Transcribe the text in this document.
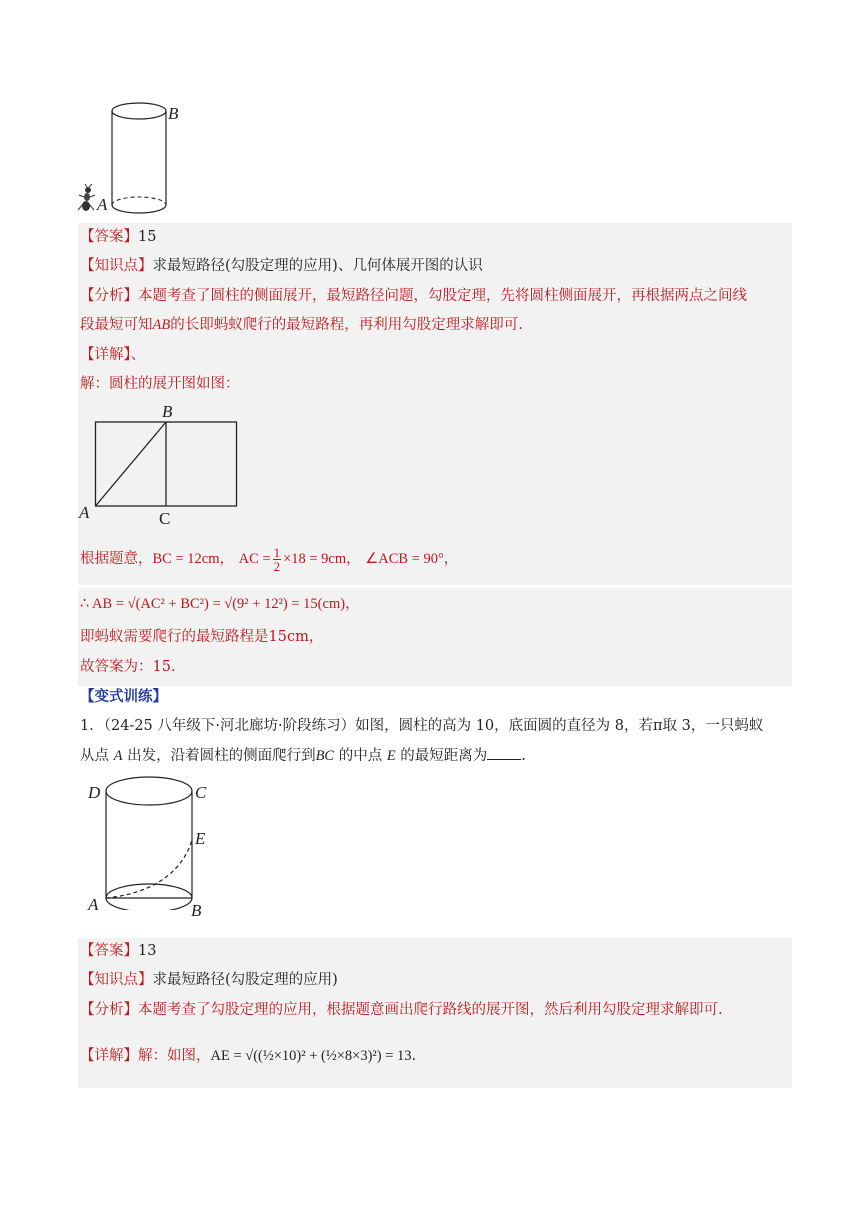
B
A
【答案】15
【知识点】求最短路径(勾股定理的应用)、几何体展开图的认识
【分析】本题考查了圆柱的侧面展开，最短路径问题，勾股定理，先将圆柱侧面展开，再根据两点之间线
段最短可知AB的长即蚂蚁爬行的最短路程，再利用勾股定理求解即可.
【详解】、
解：圆柱的展开图如图：
B
A	C
根据题意，BC = 12cm， AC = $\frac{1}{2} \times 18 = 9cm$， ∠ACB = 90°，
∴ AB = √(AC² + BC²) = √(9² + 12²) = 15(cm)，
即蚂蚁需要爬行的最短路程是15cm，
故答案为：15.
【变式训练】
1．（24-25 八年级下·河北廊坊·阶段练习）如图，圆柱的高为 10，底面圆的直径为 8，若π取 3，一只蚂蚁
从点 A 出发，沿着圆柱的侧面爬行到BC 的中点 E 的最短距离为 .
D	C
E
A	B
【答案】13
【知识点】求最短路径(勾股定理的应用)
【分析】本题考查了勾股定理的应用，根据题意画出爬行路线的展开图，然后利用勾股定理求解即可.
【详解】解：如图，AE = √((½×10)² + (½×8×3)²) = 13.
